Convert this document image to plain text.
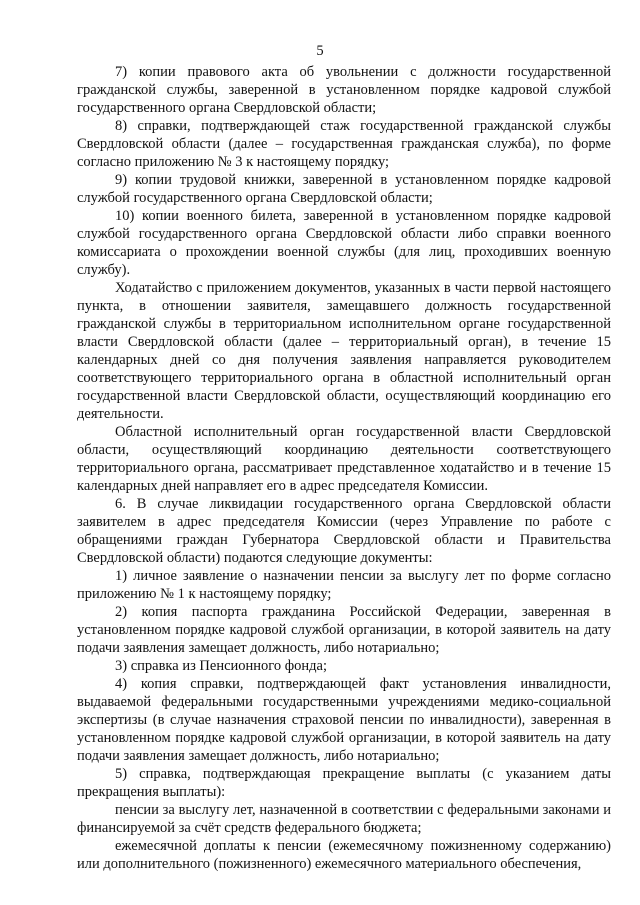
5

7) копии правового акта об увольнении с должности государственной гражданской службы, заверенной в установленном порядке кадровой службой государственного органа Свердловской области;

8) справки, подтверждающей стаж государственной гражданской службы Свердловской области (далее – государственная гражданская служба), по форме согласно приложению № 3 к настоящему порядку;

9) копии трудовой книжки, заверенной в установленном порядке кадровой службой государственного органа Свердловской области;

10) копии военного билета, заверенной в установленном порядке кадровой службой государственного органа Свердловской области либо справки военного комиссариата о прохождении военной службы (для лиц, проходивших военную службу).

Ходатайство с приложением документов, указанных в части первой настоящего пункта, в отношении заявителя, замещавшего должность государственной гражданской службы в территориальном исполнительном органе государственной власти Свердловской области (далее – территориальный орган), в течение 15 календарных дней со дня получения заявления направляется руководителем соответствующего территориального органа в областной исполнительный орган государственной власти Свердловской области, осуществляющий координацию его деятельности.

Областной исполнительный орган государственной власти Свердловской области, осуществляющий координацию деятельности соответствующего территориального органа, рассматривает представленное ходатайство и в течение 15 календарных дней направляет его в адрес председателя Комиссии.

6. В случае ликвидации государственного органа Свердловской области заявителем в адрес председателя Комиссии (через Управление по работе с обращениями граждан Губернатора Свердловской области и Правительства Свердловской области) подаются следующие документы:

1) личное заявление о назначении пенсии за выслугу лет по форме согласно приложению № 1 к настоящему порядку;

2) копия паспорта гражданина Российской Федерации, заверенная в установленном порядке кадровой службой организации, в которой заявитель на дату подачи заявления замещает должность, либо нотариально;

3) справка из Пенсионного фонда;

4) копия справки, подтверждающей факт установления инвалидности, выдаваемой федеральными государственными учреждениями медико-социальной экспертизы (в случае назначения страховой пенсии по инвалидности), заверенная в установленном порядке кадровой службой организации, в которой заявитель на дату подачи заявления замещает должность, либо нотариально;

5) справка, подтверждающая прекращение выплаты (с указанием даты прекращения выплаты):

пенсии за выслугу лет, назначенной в соответствии с федеральными законами и финансируемой за счёт средств федерального бюджета;

ежемесячной доплаты к пенсии (ежемесячному пожизненному содержанию) или дополнительного (пожизненного) ежемесячного материального обеспечения,
